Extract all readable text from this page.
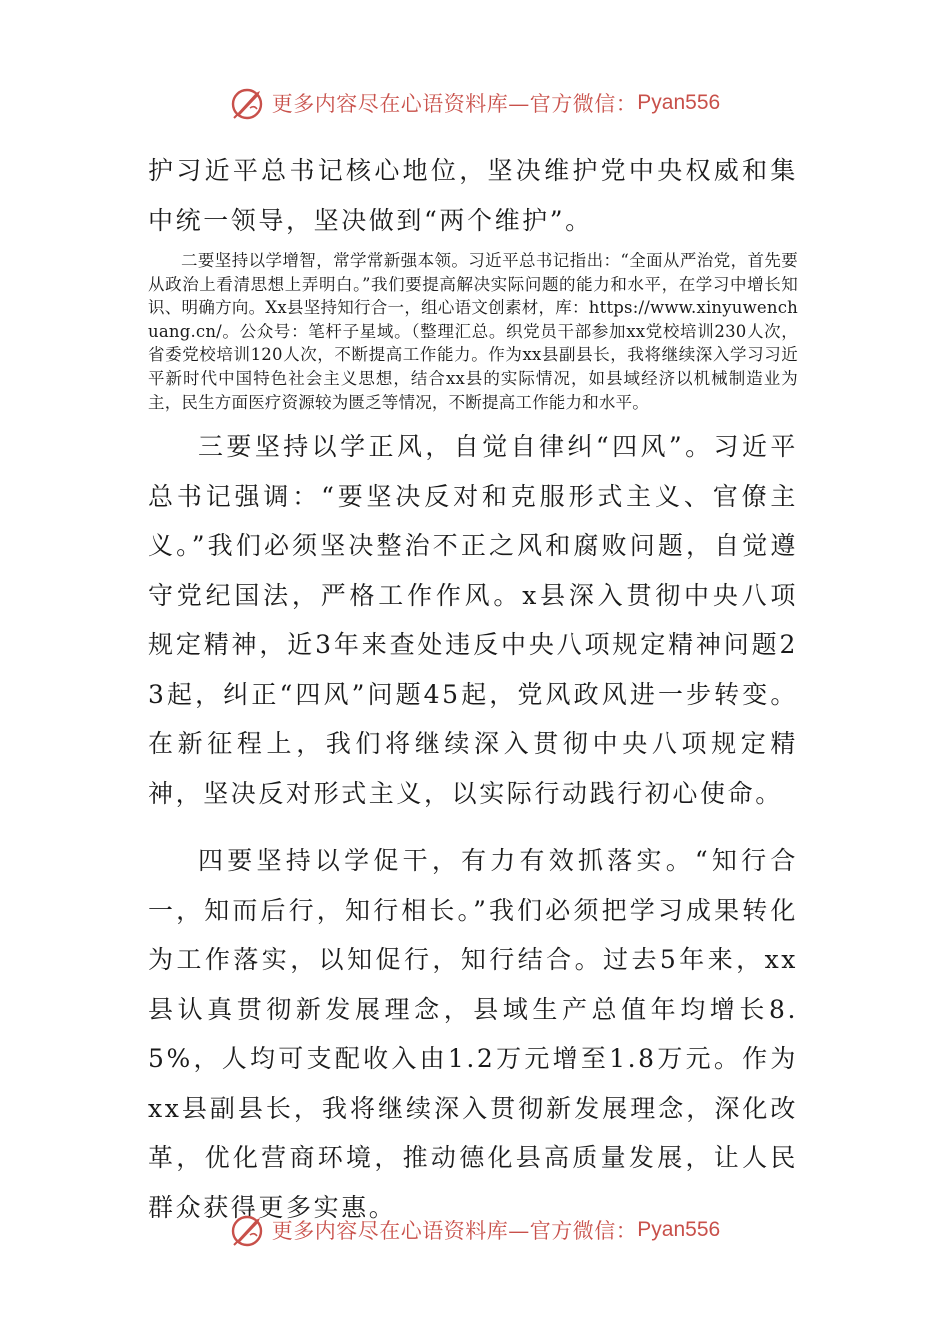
更多内容尽在心语资料库—官方微信： Pyan556

护习近平总书记核心地位，坚决维护党中央权威和集中统一领导，坚决做到“两个维护”。

二要坚持以学增智，常学常新强本领。习近平总书记指出：“全面从严治党，首先要从政治上看清思想上弄明白。”我们要提高解决实际问题的能力和水平，在学习中增长知识、明确方向。Xx县坚持知行合一，组心语文创素材，库：https://www.xinyuwenchuang.cn/。公众号：笔杆子星域。（整理汇总。织党员干部参加xx党校培训230人次，省委党校培训120人次，不断提高工作能力。作为xx县副县长，我将继续深入学习习近平新时代中国特色社会主义思想，结合xx县的实际情况，如县域经济以机械制造业为主，民生方面医疗资源较为匮乏等情况，不断提高工作能力和水平。

三要坚持以学正风，自觉自律纠“四风”。习近平总书记强调：“要坚决反对和克服形式主义、官僚主义。”我们必须坚决整治不正之风和腐败问题，自觉遵守党纪国法，严格工作作风。x县深入贯彻中央八项规定精神，近3年来查处违反中央八项规定精神问题23起，纠正“四风”问题45起，党风政风进一步转变。在新征程上，我们将继续深入贯彻中央八项规定精神，坚决反对形式主义，以实际行动践行初心使命。

四要坚持以学促干，有力有效抓落实。“知行合一，知而后行，知行相长。”我们必须把学习成果转化为工作落实，以知促行，知行结合。过去5年来，xx县认真贯彻新发展理念，县域生产总值年均增长8.5%，人均可支配收入由1.2万元增至1.8万元。作为xx县副县长，我将继续深入贯彻新发展理念，深化改革，优化营商环境，推动德化县高质量发展，让人民群众获得更多实惠。

更多内容尽在心语资料库—官方微信： Pyan556
